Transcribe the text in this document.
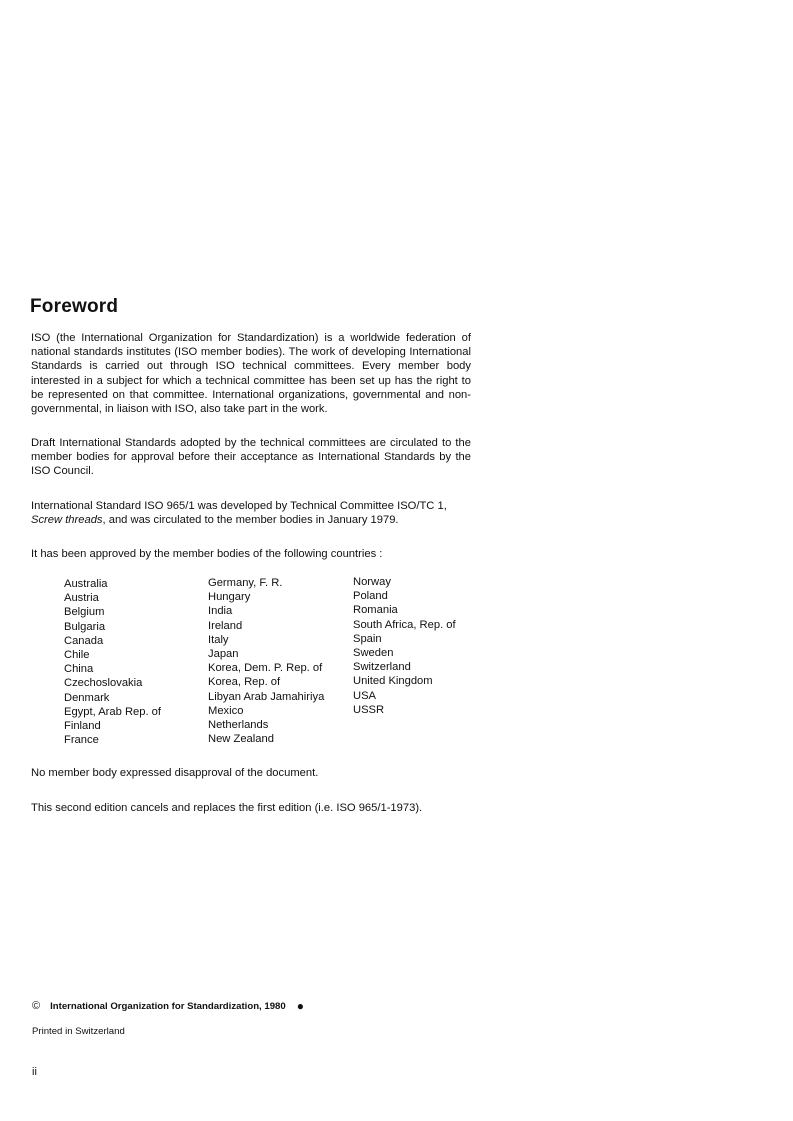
Foreword

ISO (the International Organization for Standardization) is a worldwide federation of national standards institutes (ISO member bodies). The work of developing International Standards is carried out through ISO technical committees. Every member body interested in a subject for which a technical committee has been set up has the right to be represented on that committee. International organizations, governmental and non-governmental, in liaison with ISO, also take part in the work.

Draft International Standards adopted by the technical committees are circulated to the member bodies for approval before their acceptance as International Standards by the ISO Council.

International Standard ISO 965/1 was developed by Technical Committee ISO/TC 1,
Screw threads, and was circulated to the member bodies in January 1979.

It has been approved by the member bodies of the following countries :

Australia
Austria
Belgium
Bulgaria
Canada
Chile
China
Czechoslovakia
Denmark
Egypt, Arab Rep. of
Finland
France
Germany, F. R.
Hungary
India
Ireland
Italy
Japan
Korea, Dem. P. Rep. of
Korea, Rep. of
Libyan Arab Jamahiriya
Mexico
Netherlands
New Zealand
Norway
Poland
Romania
South Africa, Rep. of
Spain
Sweden
Switzerland
United Kingdom
USA
USSR

No member body expressed disapproval of the document.

This second edition cancels and replaces the first edition (i.e. ISO 965/1-1973).

© International Organization for Standardization, 1980 ●

Printed in Switzerland

ii
